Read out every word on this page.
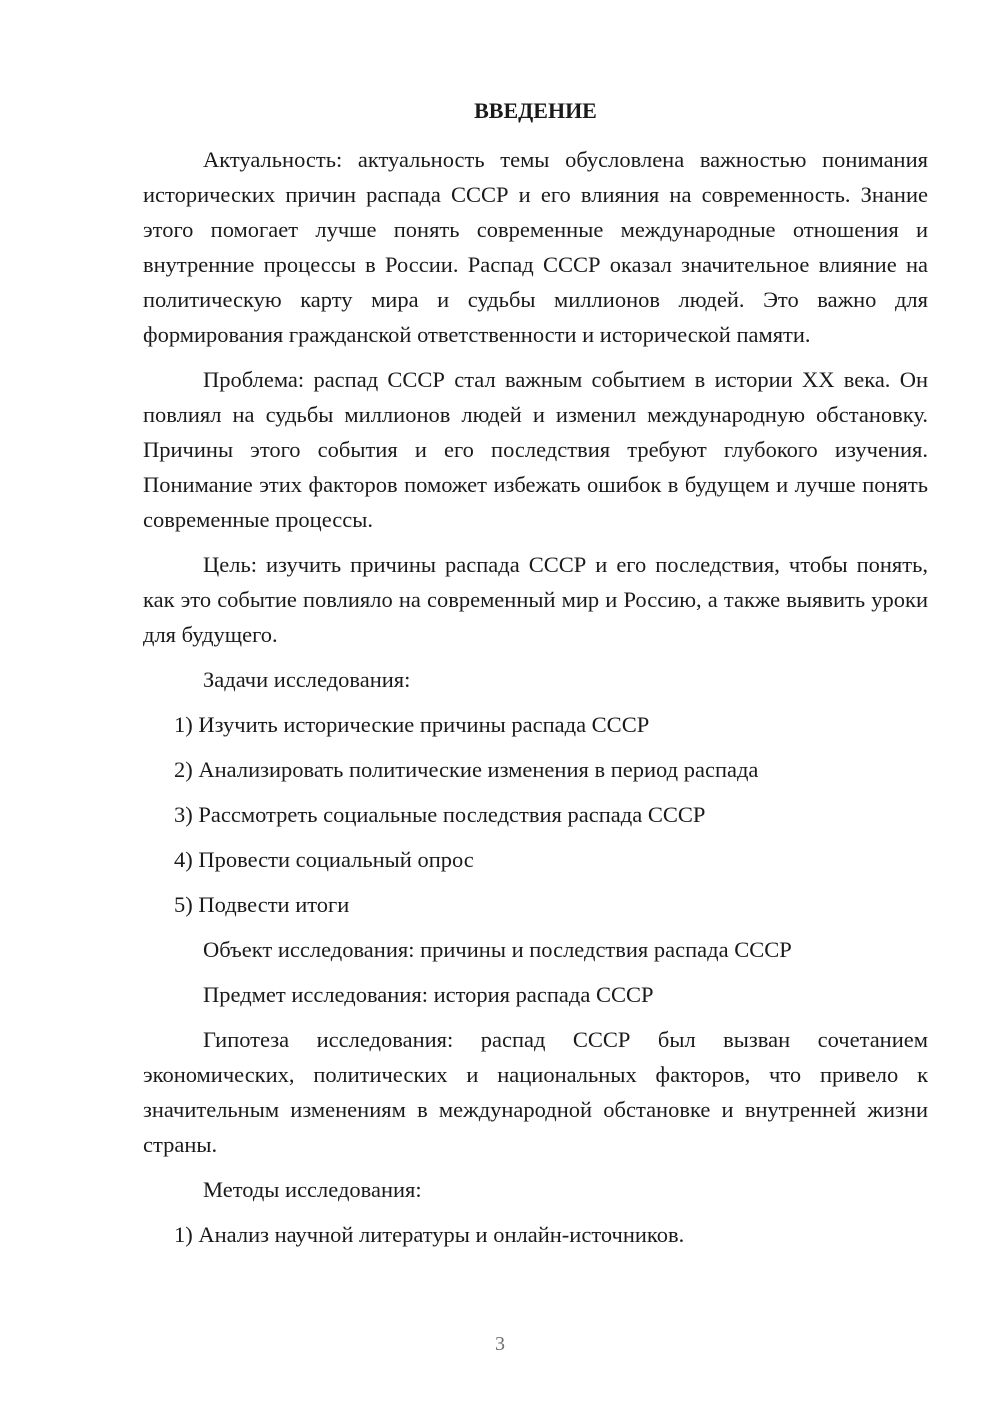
ВВЕДЕНИЕ

Актуальность: актуальность темы обусловлена важностью понимания исторических причин распада СССР и его влияния на современность. Знание этого помогает лучше понять современные международные отношения и внутренние процессы в России. Распад СССР оказал значительное влияние на политическую карту мира и судьбы миллионов людей. Это важно для формирования гражданской ответственности и исторической памяти.

Проблема: распад СССР стал важным событием в истории XX века. Он повлиял на судьбы миллионов людей и изменил международную обстановку. Причины этого события и его последствия требуют глубокого изучения. Понимание этих факторов поможет избежать ошибок в будущем и лучше понять современные процессы.

Цель: изучить причины распада СССР и его последствия, чтобы понять, как это событие повлияло на современный мир и Россию, а также выявить уроки для будущего.

Задачи исследования:

1) Изучить исторические причины распада СССР

2) Анализировать политические изменения в период распада

3) Рассмотреть социальные последствия распада СССР

4) Провести социальный опрос

5) Подвести итоги

Объект исследования: причины и последствия распада СССР

Предмет исследования: история распада СССР

Гипотеза исследования: распад СССР был вызван сочетанием экономических, политических и национальных факторов, что привело к значительным изменениям в международной обстановке и внутренней жизни страны.

Методы исследования:

1) Анализ научной литературы и онлайн-источников.

3
